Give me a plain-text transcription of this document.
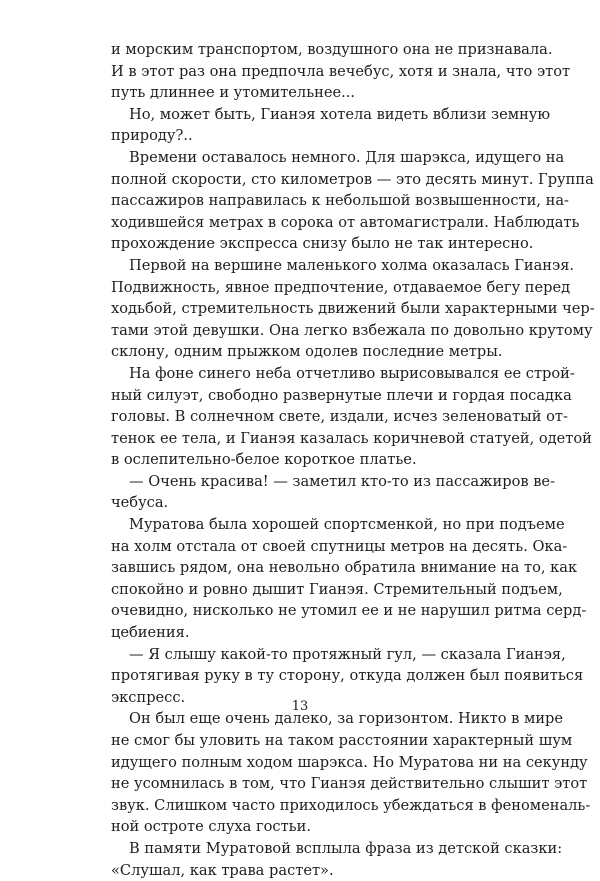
и морским транспортом, воздушного она не признавала.
И в этот раз она предпочла вечебус, хотя и знала, что этот
путь длиннее и утомительнее...
Но, может быть, Гианэя хотела видеть вблизи земную
природу?..
Времени оставалось немного. Для шарэкса, идущего на
полной скорости, сто километров — это десять минут. Группа
пассажиров направилась к небольшой возвышенности, на-
ходившейся метрах в сорока от автомагистрали. Наблюдать
прохождение экспресса снизу было не так интересно.
Первой на вершине маленького холма оказалась Гианэя.
Подвижность, явное предпочтение, отдаваемое бегу перед
ходьбой, стремительность движений были характерными чер-
тами этой девушки. Она легко взбежала по довольно крутому
склону, одним прыжком одолев последние метры.
На фоне синего неба отчетливо вырисовывался ее строй-
ный силуэт, свободно развернутые плечи и гордая посадка
головы. В солнечном свете, издали, исчез зеленоватый от-
тенок ее тела, и Гианэя казалась коричневой статуей, одетой
в ослепительно-белое короткое платье.
— Очень красива! — заметил кто-то из пассажиров ве-
чебуса.
Муратова была хорошей спортсменкой, но при подъеме
на холм отстала от своей спутницы метров на десять. Ока-
завшись рядом, она невольно обратила внимание на то, как
спокойно и ровно дышит Гианэя. Стремительный подъем,
очевидно, нисколько не утомил ее и не нарушил ритма серд-
цебиения.
— Я слышу какой-то протяжный гул, — сказала Гианэя,
протягивая руку в ту сторону, откуда должен был появиться
экспресс.
Он был еще очень далеко, за горизонтом. Никто в мире
не смог бы уловить на таком расстоянии характерный шум
идущего полным ходом шарэкса. Но Муратова ни на секунду
не усомнилась в том, что Гианэя действительно слышит этот
звук. Слишком часто приходилось убеждаться в феноменаль-
ной остроте слуха гостьи.
В памяти Муратовой всплыла фраза из детской сказки:
«Слушал, как трава растет».
13
